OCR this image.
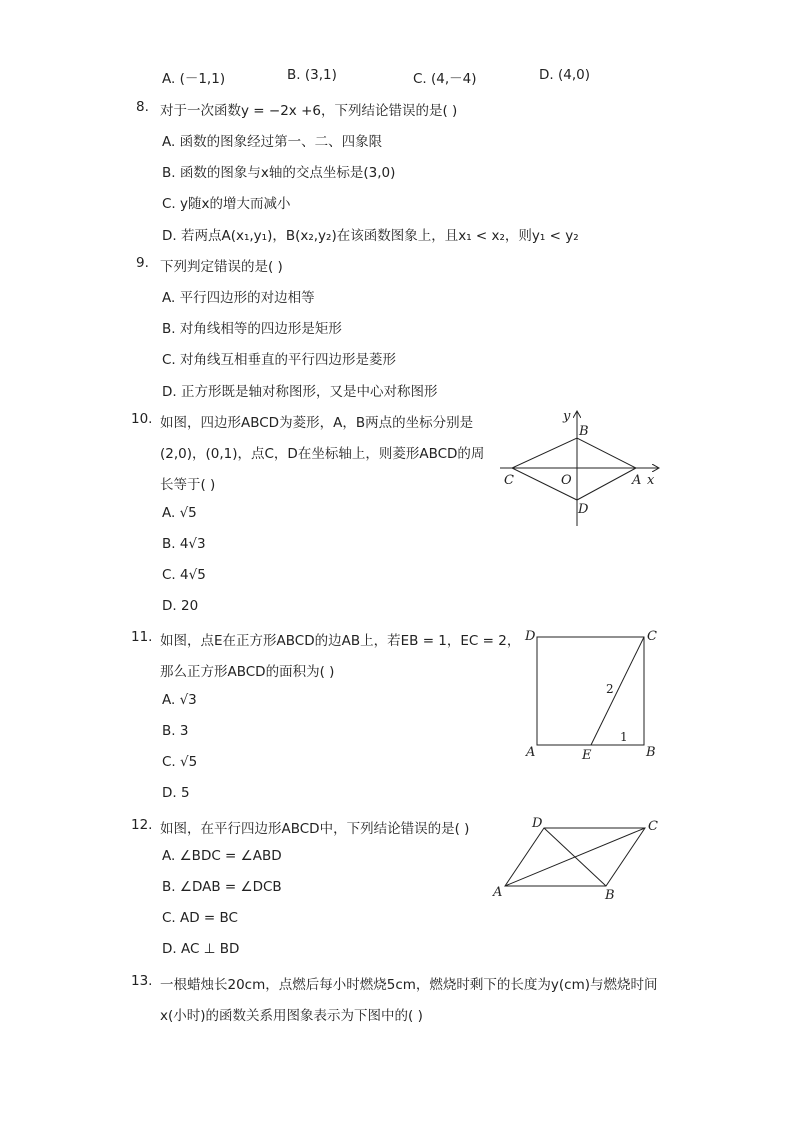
A. (－1,1)	B. (3,1)	C. (4,－4)	D. (4,0)
8. 对于一次函数y = −2x +6，下列结论错误的是( )
A. 函数的图象经过第一、二、四象限
B. 函数的图象与x轴的交点坐标是(3,0)
C. y随x的增大而减小
D. 若两点A(x₁,y₁)，B(x₂,y₂)在该函数图象上，且x₁ < x₂，则y₁ < y₂
9. 下列判定错误的是( )
A. 平行四边形的对边相等
B. 对角线相等的四边形是矩形
C. 对角线互相垂直的平行四边形是菱形
D. 正方形既是轴对称图形，又是中心对称图形
10. 如图，四边形ABCD为菱形，A，B两点的坐标分别是
(2,0)，(0,1)，点C，D在坐标轴上，则菱形ABCD的周
长等于( )
A. √5
B. 4√3
C. 4√5
D. 20
y
B
C	O	A x
D
11. 如图，点E在正方形ABCD的边AB上，若EB = 1，EC = 2，
那么正方形ABCD的面积为( )
A. √3
B. 3
C. √5
D. 5
D	C
A	E	B
2
1
12. 如图，在平行四边形ABCD中，下列结论错误的是( )
A. ∠BDC = ∠ABD
B. ∠DAB = ∠DCB
C. AD = BC
D. AC ⊥ BD
D	C
A	B
13. 一根蜡烛长20cm，点燃后每小时燃烧5cm，燃烧时剩下的长度为y(cm)与燃烧时间
x(小时)的函数关系用图象表示为下图中的( )
